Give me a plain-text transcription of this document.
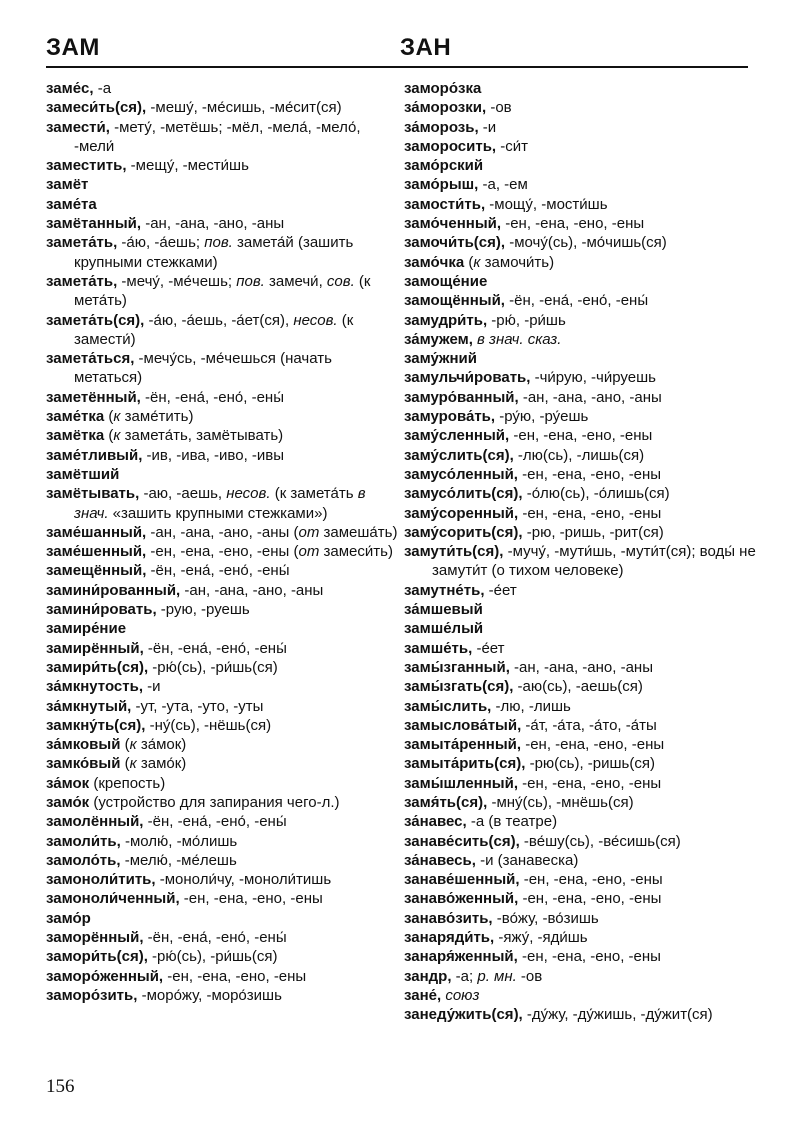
ЗАМ	ЗАН
заме́с, -а
замеси́ть(ся), -мешу́, -ме́сишь, -ме́сит(ся)
замести́, -мету́, -метёшь; -мёл, -мела́, -мело́, -мели́
заместить, -мещу́, -мести́шь
замёт
заме́та
замётанный, -ан, -ана, -ано, -аны
замета́ть, -а́ю, -а́ешь; пов. замета́й (зашить крупными стежками)
замета́ть, -мечу́, -ме́чешь; пов. замечи́, сов. (к мета́ть)
замета́ть(ся), -а́ю, -а́ешь, -а́ет(ся), несов. (к замести́)
замета́ться, -мечу́сь, -ме́чешься (начать метаться)
заметённый, -ён, -ена́, -ено́, -ены́
заме́тка (к заме́тить)
замётка (к замета́ть, замётывать)
заме́тливый, -ив, -ива, -иво, -ивы
замётший
замётывать, -аю, -аешь, несов. (к замета́ть в знач. «зашить крупными стежками»)
заме́шанный, -ан, -ана, -ано, -аны (от замеша́ть)
заме́шенный, -ен, -ена, -ено, -ены (от замеси́ть)
замещённый, -ён, -ена́, -ено́, -ены́
замини́рованный, -ан, -ана, -ано, -аны
замини́ровать, -рую, -руешь
замире́ние
замирённый, -ён, -ена́, -ено́, -ены́
замири́ть(ся), -рю́(сь), -ри́шь(ся)
за́мкнутость, -и
за́мкнутый, -ут, -ута, -уто, -уты
замкну́ть(ся), -ну́(сь), -нёшь(ся)
за́мковый (к за́мок)
замко́вый (к замо́к)
за́мок (крепость)
замо́к (устройство для запирания чего-л.)
замолённый, -ён, -ена́, -ено́, -ены́
замоли́ть, -молю́, -мо́лишь
замоло́ть, -мелю́, -ме́лешь
замоноли́тить, -моноли́чу, -моноли́тишь
замоноли́ченный, -ен, -ена, -ено, -ены
замо́р
заморённый, -ён, -ена́, -ено́, -ены́
замори́ть(ся), -рю́(сь), -ри́шь(ся)
заморо́женный, -ен, -ена, -ено, -ены
заморо́зить, -моро́жу, -моро́зишь
заморо́зка
за́морозки, -ов
за́морозь, -и
заморосить, -си́т
замо́рский
замо́рыш, -а, -ем
замости́ть, -мощу́, -мости́шь
замо́ченный, -ен, -ена, -ено, -ены
замочи́ть(ся), -мочу́(сь), -мо́чишь(ся)
замо́чка (к замочи́ть)
замоще́ние
замощённый, -ён, -ена́, -ено́, -ены́
замудри́ть, -рю́, -ри́шь
за́мужем, в знач. сказ.
заму́жний
замульчи́ровать, -чи́рую, -чи́руешь
замуро́ванный, -ан, -ана, -ано, -аны
замурова́ть, -ру́ю, -ру́ешь
заму́сленный, -ен, -ена, -ено, -ены
заму́слить(ся), -лю(сь), -лишь(ся)
замусо́ленный, -ен, -ена, -ено, -ены
замусо́лить(ся), -о́лю(сь), -о́лишь(ся)
заму́соренный, -ен, -ена, -ено, -ены
заму́сорить(ся), -рю, -ришь, -рит(ся)
замути́ть(ся), -мучу́, -мути́шь, -мути́т(ся); воды́ не замути́т (о тихом человеке)
замутне́ть, -е́ет
за́мшевый
замше́лый
замше́ть, -е́ет
замы́зганный, -ан, -ана, -ано, -аны
замы́згать(ся), -аю(сь), -аешь(ся)
замы́слить, -лю, -лишь
замыслова́тый, -а́т, -а́та, -а́то, -а́ты
замыта́ренный, -ен, -ена, -ено, -ены
замыта́рить(ся), -рю(сь), -ришь(ся)
замы́шленный, -ен, -ена, -ено, -ены
замя́ть(ся), -мну́(сь), -мнёшь(ся)
за́навес, -а (в театре)
занаве́сить(ся), -ве́шу(сь), -ве́сишь(ся)
за́навесь, -и (занавеска)
занаве́шенный, -ен, -ена, -ено, -ены
занаво́женный, -ен, -ена, -ено, -ены
занаво́зить, -во́жу, -во́зишь
занаряди́ть, -яжу́, -яди́шь
занаря́женный, -ен, -ена, -ено, -ены
зандр, -а; р. мн. -ов
зане́, союз
занеду́жить(ся), -ду́жу, -ду́жишь, -ду́жит(ся)
156
